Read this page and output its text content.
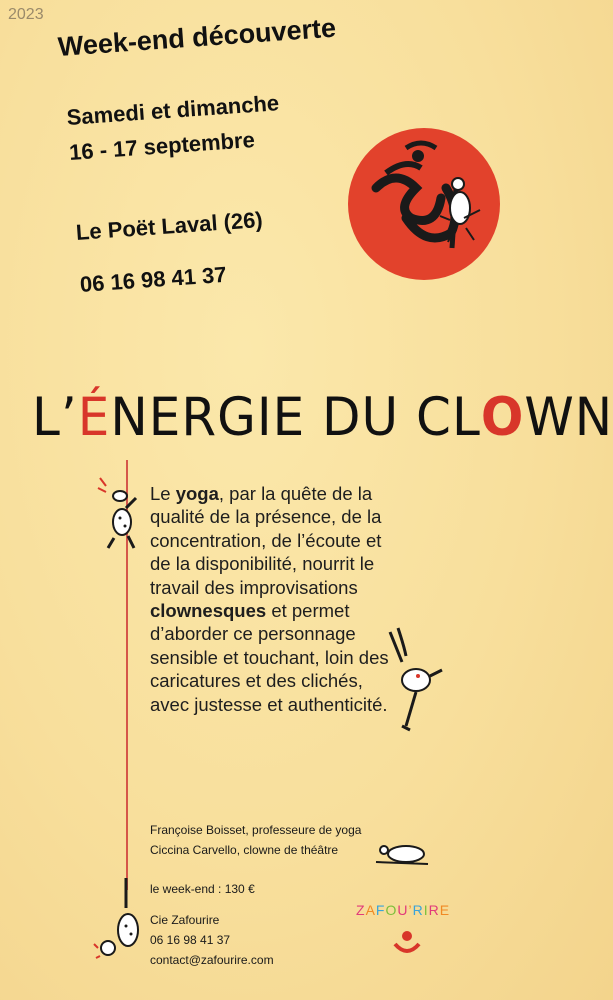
2023 Week-end découverte
Samedi et dimanche
16 - 17 septembre
Le Poët Laval (26)
06 16 98 41 37
L’ÉNERGIE DU CLOWN
Le yoga, par la quête de la qualité de la présence, de la concentration, de l’écoute et de la disponibilité, nourrit le travail des improvisations clownesques et permet d’aborder ce personnage sensible et touchant, loin des caricatures et des clichés, avec justesse et authenticité.
Françoise Boisset, professeure de yoga
Ciccina Carvello, clowne de théâtre
le week-end : 130 €
Cie Zafourire
06 16 98 41 37
contact@zafourire.com
ZAFOU’RIRE
